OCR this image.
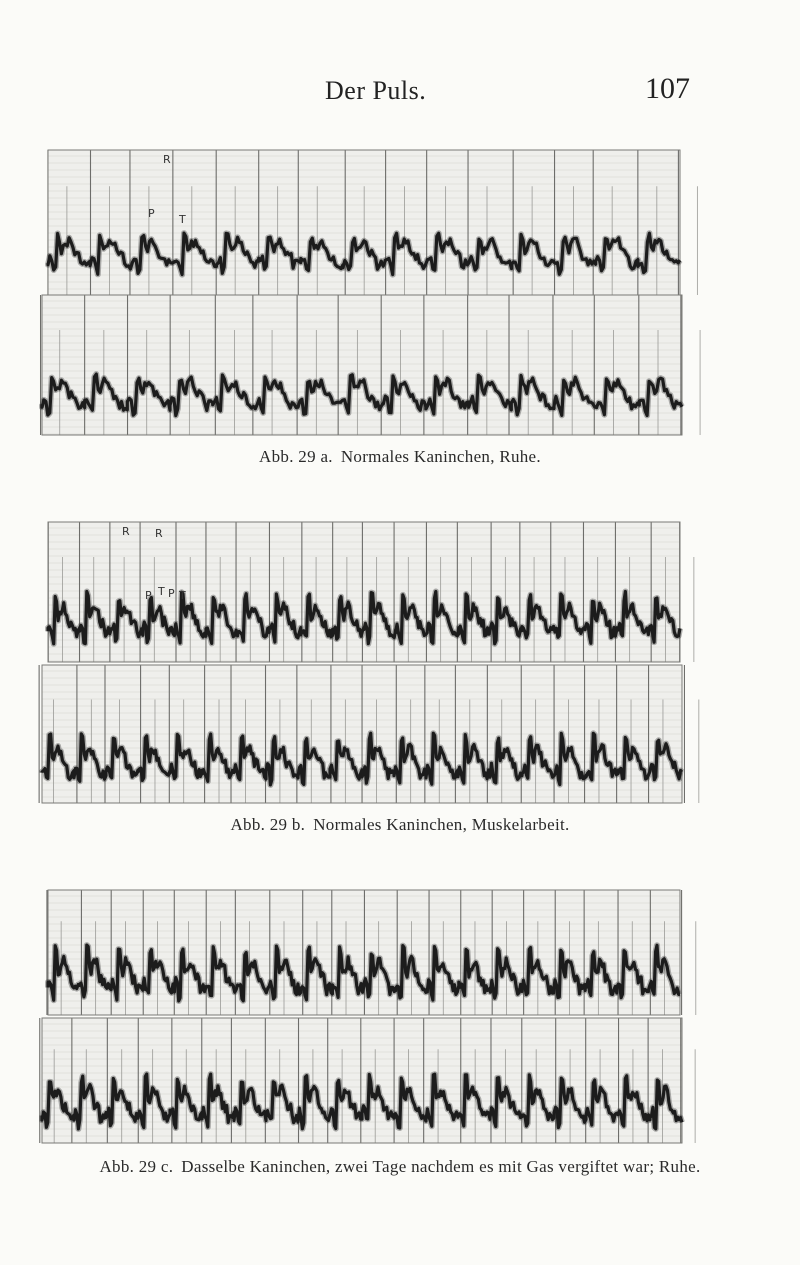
Der Puls.	107
R
P T
Abb. 29 a. Normales Kaninchen, Ruhe.
R R
P T P T
Abb. 29 b. Normales Kaninchen, Muskelarbeit.
Abb. 29 c. Dasselbe Kaninchen, zwei Tage nachdem es mit Gas vergiftet war; Ruhe.
